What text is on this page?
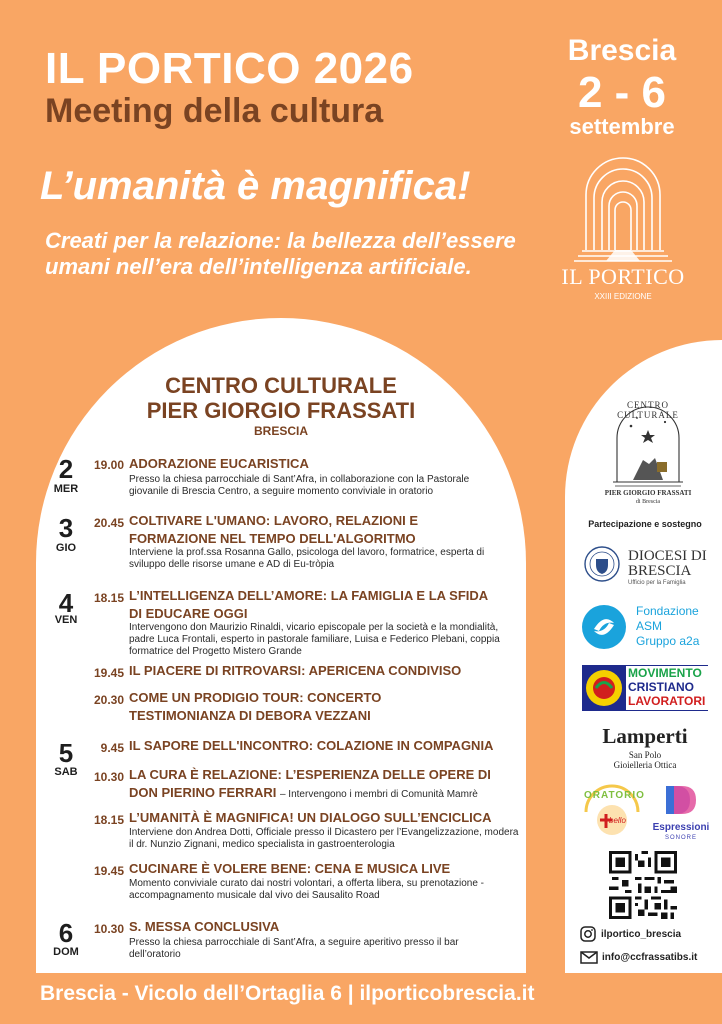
IL PORTICO 2026
Meeting della cultura
Brescia
2 - 6
settembre
L’umanità è magnifica!
Creati per la relazione: la bellezza dell’essere umani nell’era dell’intelligenza artificiale.	IL PORTICO
XXIII EDIZIONE
CENTRO CULTURALE
PIER GIORGIO FRASSATI
BRESCIA
2
MER
3
GIO
4
VEN
5
SAB
6
DOM
19.00 ADORAZIONE EUCARISTICA
Presso la chiesa parrocchiale di Sant’Afra, in collaborazione con la Pastorale giovanile di Brescia Centro, a seguire momento conviviale in oratorio
20.45 COLTIVARE L'UMANO: LAVORO, RELAZIONI E FORMAZIONE NEL TEMPO DELL'ALGORITMO
Interviene la prof.ssa Rosanna Gallo, psicologa del lavoro, formatrice, esperta di sviluppo delle risorse umane e AD di Eu-tròpia
18.15 L’INTELLIGENZA DELL’AMORE: LA FAMIGLIA E LA SFIDA DI EDUCARE OGGI
Intervengono don Maurizio Rinaldi, vicario episcopale per la società e la mondialità, padre Luca Frontali, esperto in pastorale familiare, Luisa e Federico Plebani, coppia formatrice del Progetto Mistero Grande
19.45 IL PIACERE DI RITROVARSI: APERICENA CONDIVISO
20.30 COME UN PRODIGIO TOUR: CONCERTO TESTIMONIANZA DI DEBORA VEZZANI
9.45 IL SAPORE DELL'INCONTRO: COLAZIONE IN COMPAGNIA
10.30 LA CURA È RELAZIONE: L’ESPERIENZA DELLE OPERE DI DON PIERINO FERRARI – Intervengono i membri di Comunità Mamrè
18.15 L’UMANITÀ È MAGNIFICA! UN DIALOGO SULL’ENCICLICA
Interviene don Andrea Dotti, Officiale presso il Dicastero per l’Evangelizzazione, modera il dr. Nunzio Zignani, medico specialista in gastroenterologia
19.45 CUCINARE È VOLERE BENE: CENA E MUSICA LIVE
Momento conviviale curato dai nostri volontari, a offerta libera, su prenotazione - accompagnamento musicale dal vivo dei Sausalito Road
10.30 S. MESSA CONCLUSIVA
Presso la chiesa parrocchiale di Sant’Afra, a seguire aperitivo presso il bar dell’oratorio
CENTRO CULTURALE
PIER GIORGIO FRASSATI
di Brescia
Partecipazione e sostegno
DIOCESI DI
BRESCIA
Ufficio per la Famiglia
Fondazione
ASM
Gruppo a2a
MOVIMENTO
CRISTIANO
LAVORATORI
Lamperti
San Polo
Gioielleria Ottica
ORATORIO
bello
Espressioni
SONORE
ilportico_brescia
info@ccfrassatibs.it
Brescia - Vicolo dell’Ortaglia 6 | ilporticobrescia.it
